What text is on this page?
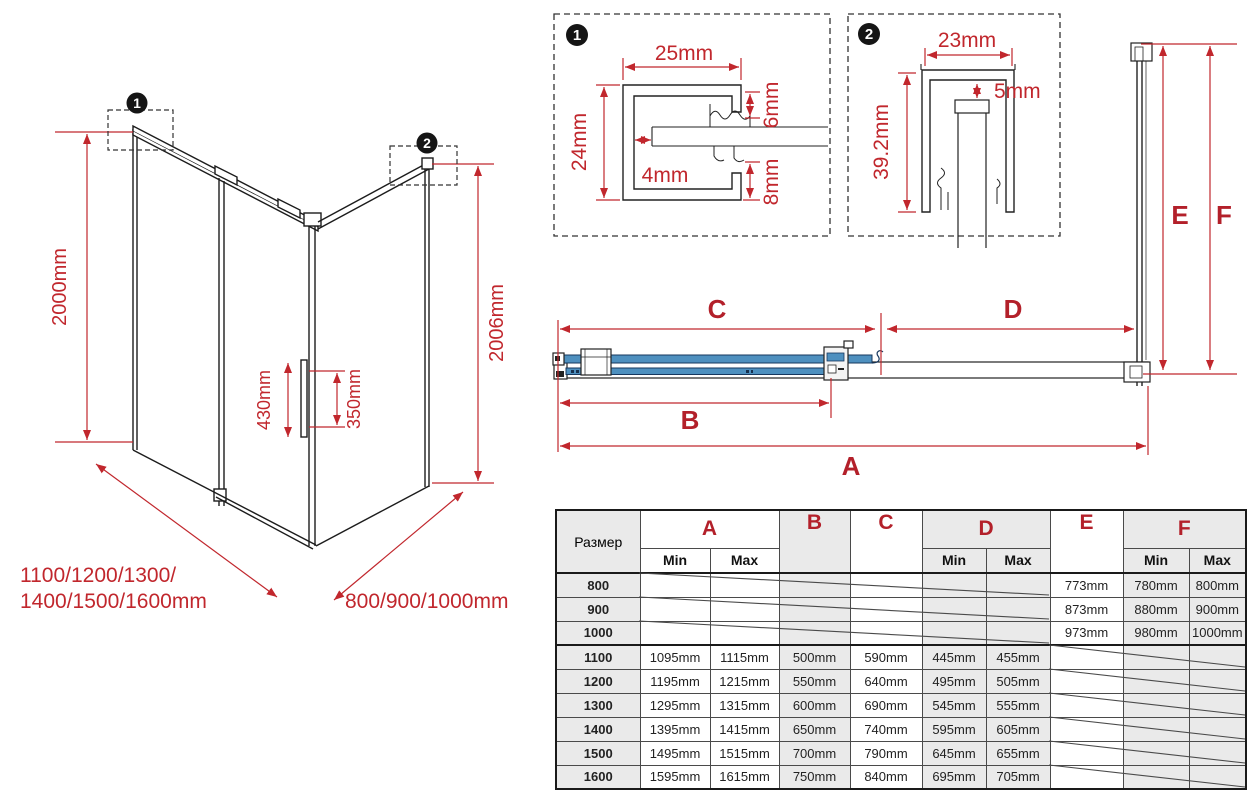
2000mm	2006mm
430mm	350mm
1100/1200/1300/
1400/1500/1600mm	800/900/1000mm
1
2
1
25mm
24mm
4mm
6mm
8mm
2	23mm
5mm
39.2mm
C	D
B
A
E F
Размер	A		B	C	D		E	F	
	Min	Max			Min	Max		Min	Max
800							773mm	780mm	800mm
900							873mm	880mm	900mm
1000							973mm	980mm	1000mm
1100	1095mm	1115mm	500mm	590mm	445mm	455mm			
1200	1195mm	1215mm	550mm	640mm	495mm	505mm			
1300	1295mm	1315mm	600mm	690mm	545mm	555mm			
1400	1395mm	1415mm	650mm	740mm	595mm	605mm			
1500	1495mm	1515mm	700mm	790mm	645mm	655mm			
1600	1595mm	1615mm	750mm	840mm	695mm	705mm			
